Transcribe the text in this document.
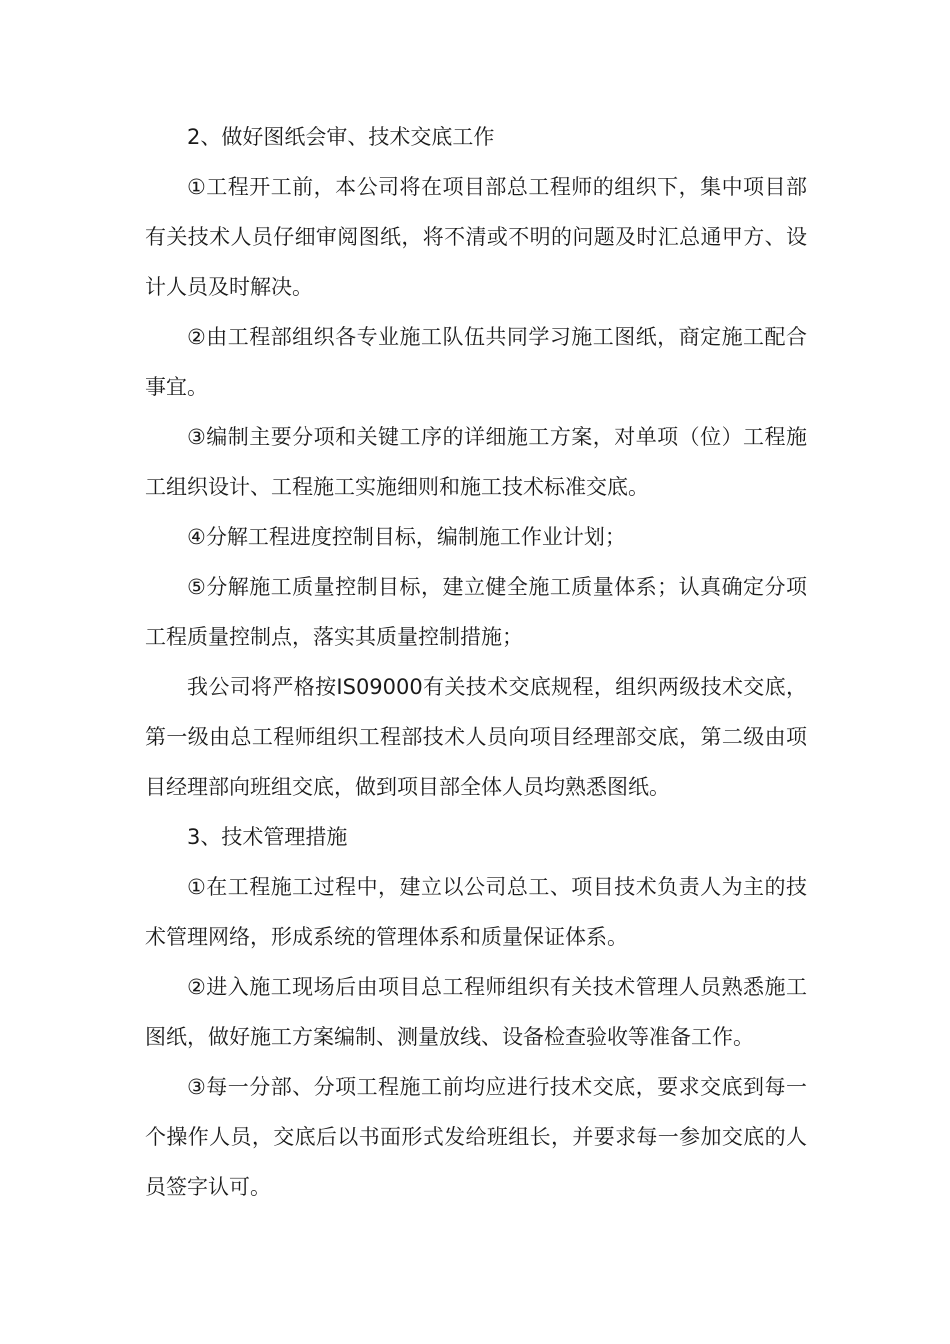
2、做好图纸会审、技术交底工作

①工程开工前，本公司将在项目部总工程师的组织下，集中项目部有关技术人员仔细审阅图纸，将不清或不明的问题及时汇总通甲方、设计人员及时解决。

②由工程部组织各专业施工队伍共同学习施工图纸，商定施工配合事宜。

③编制主要分项和关键工序的详细施工方案，对单项（位）工程施工组织设计、工程施工实施细则和施工技术标准交底。

④分解工程进度控制目标，编制施工作业计划；

⑤分解施工质量控制目标，建立健全施工质量体系；认真确定分项工程质量控制点，落实其质量控制措施；

我公司将严格按IS09000有关技术交底规程，组织两级技术交底，第一级由总工程师组织工程部技术人员向项目经理部交底，第二级由项目经理部向班组交底，做到项目部全体人员均熟悉图纸。

3、技术管理措施

①在工程施工过程中，建立以公司总工、项目技术负责人为主的技术管理网络，形成系统的管理体系和质量保证体系。

②进入施工现场后由项目总工程师组织有关技术管理人员熟悉施工图纸，做好施工方案编制、测量放线、设备检查验收等准备工作。

③每一分部、分项工程施工前均应进行技术交底，要求交底到每一个操作人员，交底后以书面形式发给班组长，并要求每一参加交底的人员签字认可。
